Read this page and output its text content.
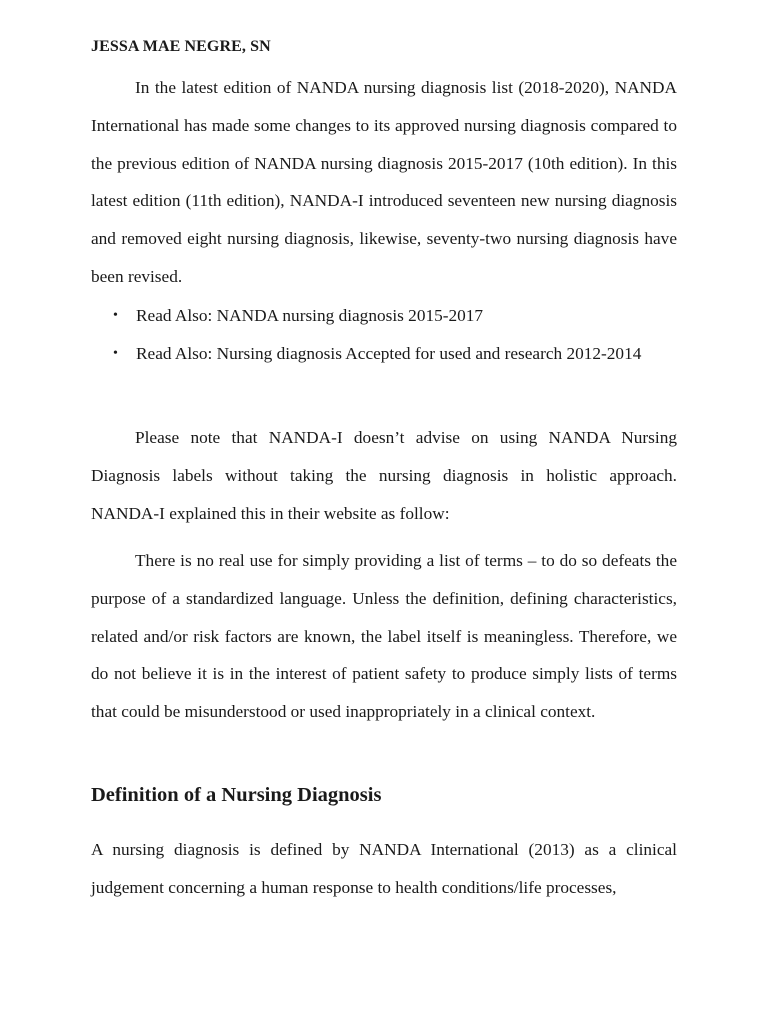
JESSA MAE NEGRE, SN

In the latest edition of NANDA nursing diagnosis list (2018-2020), NANDA International has made some changes to its approved nursing diagnosis compared to the previous edition of NANDA nursing diagnosis 2015-2017 (10th edition). In this latest edition (11th edition), NANDA-I introduced seventeen new nursing diagnosis and removed eight nursing diagnosis, likewise, seventy-two nursing diagnosis have been revised.

• Read Also: NANDA nursing diagnosis 2015-2017
• Read Also: Nursing diagnosis Accepted for used and research 2012-2014

Please note that NANDA-I doesn’t advise on using NANDA Nursing Diagnosis labels without taking the nursing diagnosis in holistic approach. NANDA-I explained this in their website as follow:

There is no real use for simply providing a list of terms – to do so defeats the purpose of a standardized language. Unless the definition, defining characteristics, related and/or risk factors are known, the label itself is meaningless. Therefore, we do not believe it is in the interest of patient safety to produce simply lists of terms that could be misunderstood or used inappropriately in a clinical context.

Definition of a Nursing Diagnosis

A nursing diagnosis is defined by NANDA International (2013) as a clinical judgement concerning a human response to health conditions/life processes,
